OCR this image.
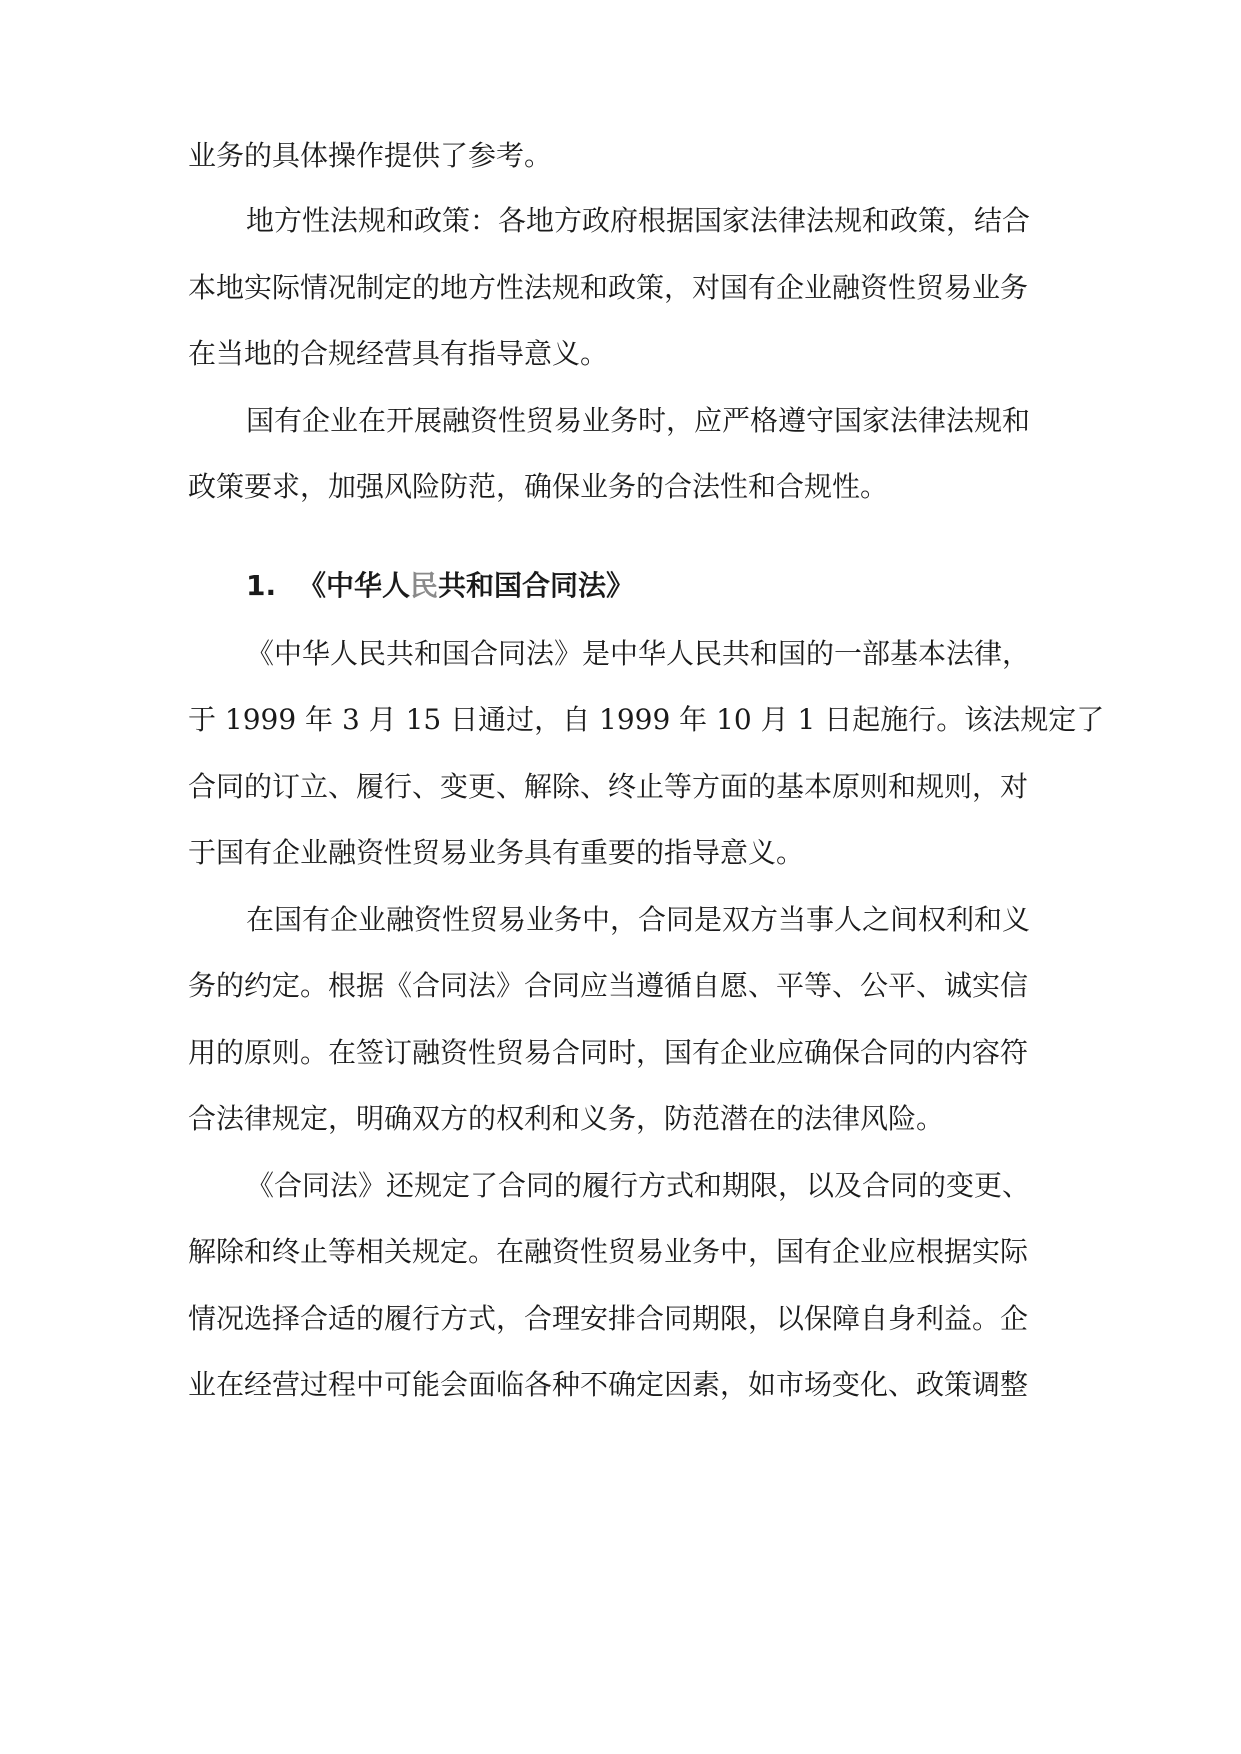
业务的具体操作提供了参考。
地方性法规和政策：各地方政府根据国家法律法规和政策，结合
本地实际情况制定的地方性法规和政策，对国有企业融资性贸易业务
在当地的合规经营具有指导意义。
国有企业在开展融资性贸易业务时，应严格遵守国家法律法规和
政策要求，加强风险防范，确保业务的合法性和合规性。
1. 《中华人民共和国合同法》
《中华人民共和国合同法》是中华人民共和国的一部基本法律，
于 1999 年 3 月 15 日通过，自 1999 年 10 月 1 日起施行。该法规定了
合同的订立、履行、变更、解除、终止等方面的基本原则和规则，对
于国有企业融资性贸易业务具有重要的指导意义。
在国有企业融资性贸易业务中，合同是双方当事人之间权利和义
务的约定。根据《合同法》合同应当遵循自愿、平等、公平、诚实信
用的原则。在签订融资性贸易合同时，国有企业应确保合同的内容符
合法律规定，明确双方的权利和义务，防范潜在的法律风险。
《合同法》还规定了合同的履行方式和期限，以及合同的变更、
解除和终止等相关规定。在融资性贸易业务中，国有企业应根据实际
情况选择合适的履行方式，合理安排合同期限，以保障自身利益。企
业在经营过程中可能会面临各种不确定因素，如市场变化、政策调整
